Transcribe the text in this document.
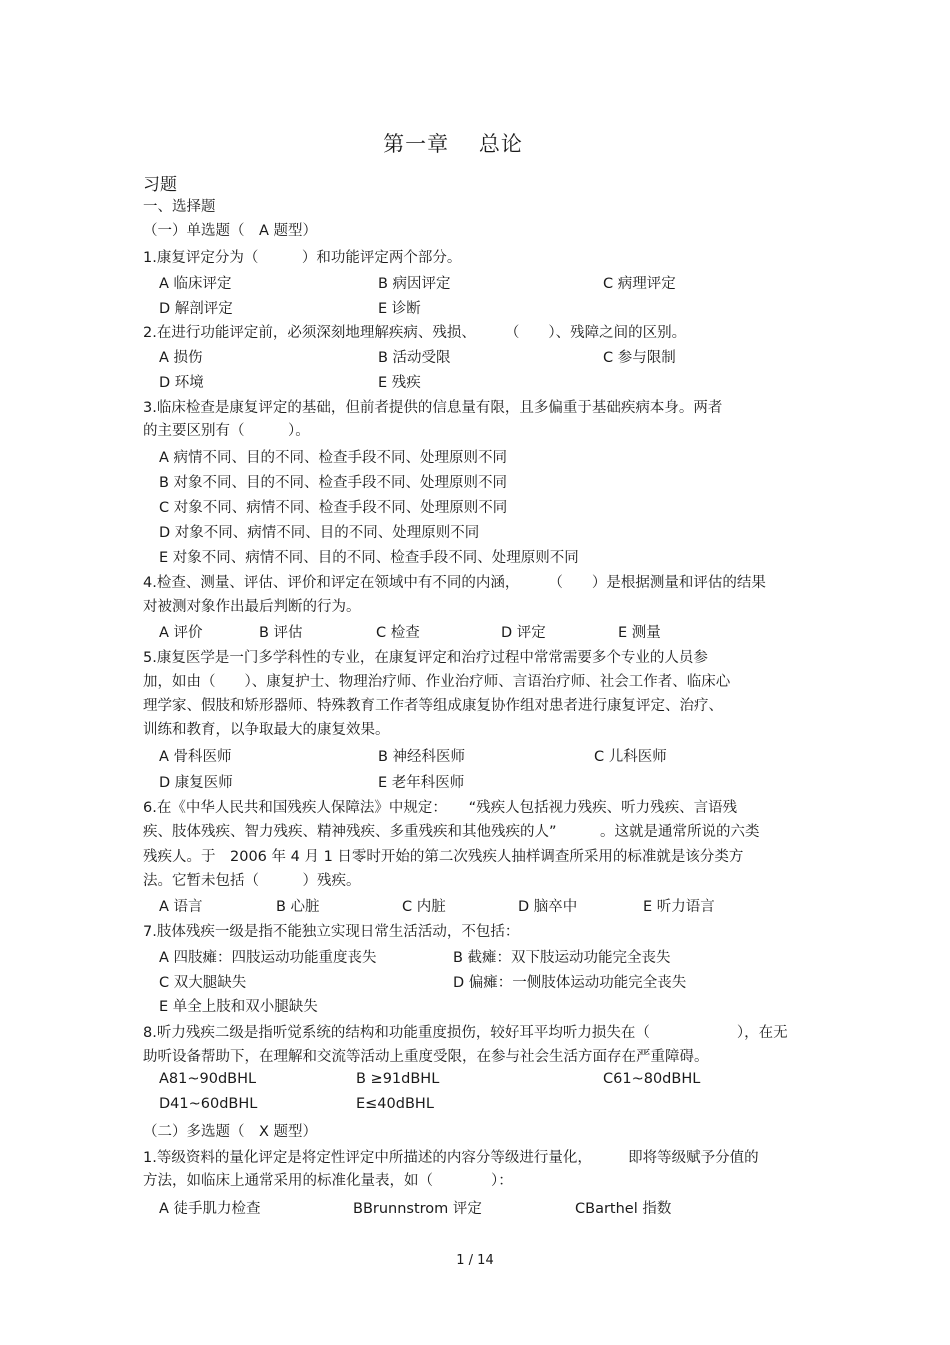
第一章　 总论
习题
一、选择题
（一）单选题（　A 题型）
1.康复评定分为（　　　）和功能评定两个部分。
A 临床评定	B 病因评定	C 病理评定
D 解剖评定	E 诊断
2.在进行功能评定前，必须深刻地理解疾病、残损、　　　（　　）、残障之间的区别。
A 损伤	B 活动受限	C 参与限制
D 环境	E 残疾
3.临床检查是康复评定的基础，但前者提供的信息量有限，且多偏重于基础疾病本身。两者
的主要区别有（　　　）。
A 病情不同、目的不同、检查手段不同、处理原则不同
B 对象不同、目的不同、检查手段不同、处理原则不同
C 对象不同、病情不同、检查手段不同、处理原则不同
D 对象不同、病情不同、目的不同、处理原则不同
E 对象不同、病情不同、目的不同、检查手段不同、处理原则不同
4.检查、测量、评估、评价和评定在领域中有不同的内涵，　　　（　　）是根据测量和评估的结果
对被测对象作出最后判断的行为。
A 评价	B 评估	C 检查	D 评定	E 测量
5.康复医学是一门多学科性的专业，在康复评定和治疗过程中常常需要多个专业的人员参
加，如由（　　）、康复护士、物理治疗师、作业治疗师、言语治疗师、社会工作者、临床心
理学家、假肢和矫形器师、特殊教育工作者等组成康复协作组对患者进行康复评定、治疗、
训练和教育，以争取最大的康复效果。
A 骨科医师	B 神经科医师	C 儿科医师
D 康复医师	E 老年科医师
6.在《中华人民共和国残疾人保障法》中规定：　　“残疾人包括视力残疾、听力残疾、言语残
疾、肢体残疾、智力残疾、精神残疾、多重残疾和其他残疾的人”　　　。这就是通常所说的六类
残疾人。于　2006 年 4 月 1 日零时开始的第二次残疾人抽样调查所采用的标准就是该分类方
法。它暂未包括（　　　）残疾。
A 语言	B 心脏	C 内脏	D 脑卒中	E 听力语言
7.肢体残疾一级是指不能独立实现日常生活活动，不包括：
A 四肢瘫：四肢运动功能重度丧失	B 截瘫：双下肢运动功能完全丧失
C 双大腿缺失	D 偏瘫：一侧肢体运动功能完全丧失
E 单全上肢和双小腿缺失
8.听力残疾二级是指听觉系统的结构和功能重度损伤，较好耳平均听力损失在（　　　　　　），在无
助听设备帮助下，在理解和交流等活动上重度受限，在参与社会生活方面存在严重障碍。
A81~90dBHL	B ≥91dBHL	C61~80dBHL
D41~60dBHL	E≤40dBHL
（二）多选题（　X 题型）
1.等级资料的量化评定是将定性评定中所描述的内容分等级进行量化，　　　即将等级赋予分值的
方法，如临床上通常采用的标准化量表，如（　　　　）：
A 徒手肌力检查	BBrunnstrom 评定	CBarthel 指数
1 / 14
